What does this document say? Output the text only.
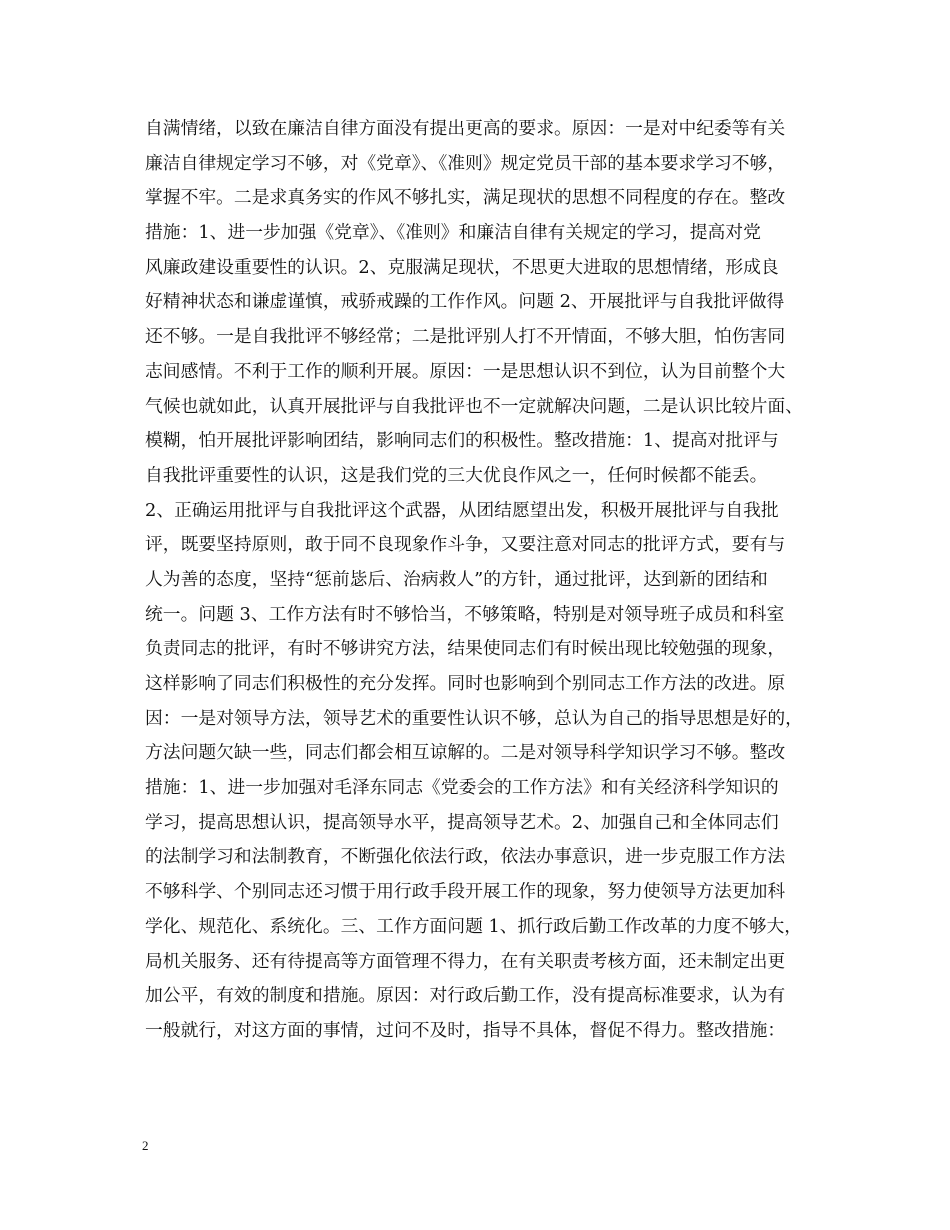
自满情绪，以致在廉洁自律方面没有提出更高的要求。原因：一是对中纪委等有关
廉洁自律规定学习不够，对《党章》、《准则》规定党员干部的基本要求学习不够，
掌握不牢。二是求真务实的作风不够扎实，满足现状的思想不同程度的存在。整改
措施：1、进一步加强《党章》、《准则》和廉洁自律有关规定的学习，提高对党
风廉政建设重要性的认识。2、克服满足现状，不思更大进取的思想情绪，形成良
好精神状态和谦虚谨慎，戒骄戒躁的工作作风。问题 2、开展批评与自我批评做得
还不够。一是自我批评不够经常；二是批评别人打不开情面，不够大胆，怕伤害同
志间感情。不利于工作的顺利开展。原因：一是思想认识不到位，认为目前整个大
气候也就如此，认真开展批评与自我批评也不一定就解决问题，二是认识比较片面、
模糊，怕开展批评影响团结，影响同志们的积极性。整改措施：1、提高对批评与
自我批评重要性的认识，这是我们党的三大优良作风之一，任何时候都不能丢。
2、正确运用批评与自我批评这个武器，从团结愿望出发，积极开展批评与自我批
评，既要坚持原则，敢于同不良现象作斗争，又要注意对同志的批评方式，要有与
人为善的态度，坚持“惩前毖后、治病救人”的方针，通过批评，达到新的团结和
统一。问题 3、工作方法有时不够恰当，不够策略，特别是对领导班子成员和科室
负责同志的批评，有时不够讲究方法，结果使同志们有时候出现比较勉强的现象，
这样影响了同志们积极性的充分发挥。同时也影响到个别同志工作方法的改进。原
因：一是对领导方法，领导艺术的重要性认识不够，总认为自己的指导思想是好的，
方法问题欠缺一些，同志们都会相互谅解的。二是对领导科学知识学习不够。整改
措施：1、进一步加强对毛泽东同志《党委会的工作方法》和有关经济科学知识的
学习，提高思想认识，提高领导水平，提高领导艺术。2、加强自己和全体同志们
的法制学习和法制教育，不断强化依法行政，依法办事意识，进一步克服工作方法
不够科学、个别同志还习惯于用行政手段开展工作的现象，努力使领导方法更加科
学化、规范化、系统化。三、工作方面问题 1、抓行政后勤工作改革的力度不够大，
局机关服务、还有待提高等方面管理不得力，在有关职责考核方面，还未制定出更
加公平，有效的制度和措施。原因：对行政后勤工作，没有提高标准要求，认为有
一般就行，对这方面的事情，过问不及时，指导不具体，督促不得力。整改措施：
2
